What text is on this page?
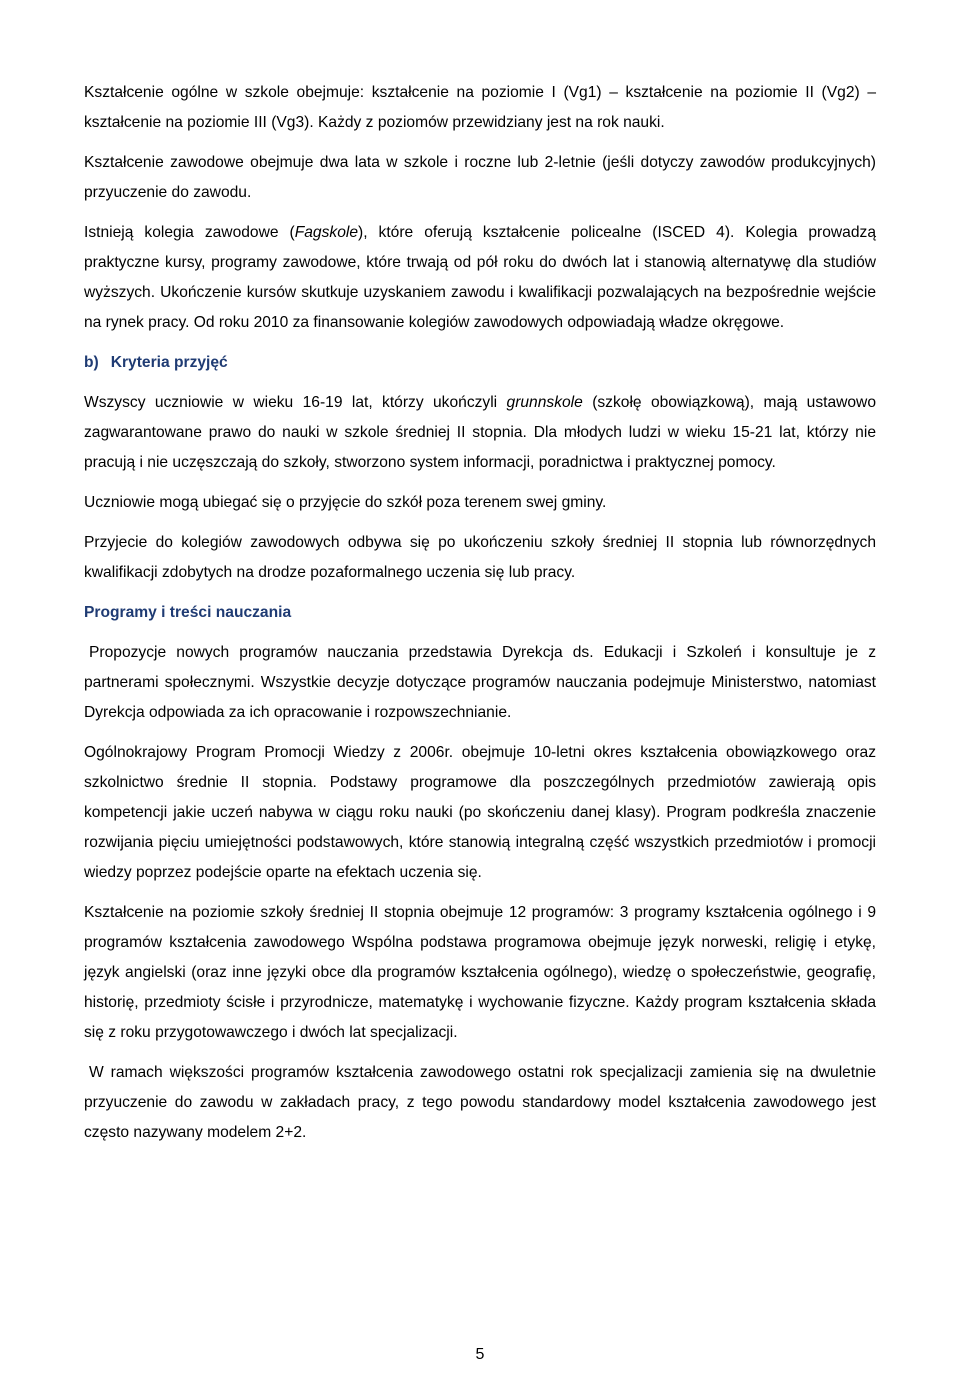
Kształcenie ogólne w szkole obejmuje: kształcenie na poziomie I (Vg1) – kształcenie na poziomie II (Vg2) – kształcenie na poziomie III (Vg3). Każdy z poziomów przewidziany jest na rok nauki.

Kształcenie zawodowe obejmuje dwa lata w szkole i roczne lub 2-letnie (jeśli dotyczy zawodów produkcyjnych) przyuczenie do zawodu.

Istnieją kolegia zawodowe (Fagskole), które oferują kształcenie policealne (ISCED 4). Kolegia prowadzą praktyczne kursy, programy zawodowe, które trwają od pół roku do dwóch lat i stanowią alternatywę dla studiów wyższych. Ukończenie kursów skutkuje uzyskaniem zawodu i kwalifikacji pozwalających na bezpośrednie wejście na rynek pracy. Od roku 2010 za finansowanie kolegiów zawodowych odpowiadają władze okręgowe.

b) Kryteria przyjęć

Wszyscy uczniowie w wieku 16-19 lat, którzy ukończyli grunnskole (szkołę obowiązkową), mają ustawowo zagwarantowane prawo do nauki w szkole średniej II stopnia. Dla młodych ludzi w wieku 15-21 lat, którzy nie pracują i nie uczęszczają do szkoły, stworzono system informacji, poradnictwa i praktycznej pomocy.

Uczniowie mogą ubiegać się o przyjęcie do szkół poza terenem swej gminy.

Przyjecie do kolegiów zawodowych odbywa się po ukończeniu szkoły średniej II stopnia lub równorzędnych kwalifikacji zdobytych na drodze pozaformalnego uczenia się lub pracy.

Programy i treści nauczania

Propozycje nowych programów nauczania przedstawia Dyrekcja ds. Edukacji i Szkoleń i konsultuje je z partnerami społecznymi. Wszystkie decyzje dotyczące programów nauczania podejmuje Ministerstwo, natomiast Dyrekcja odpowiada za ich opracowanie i rozpowszechnianie.

Ogólnokrajowy Program Promocji Wiedzy z 2006r. obejmuje 10-letni okres kształcenia obowiązkowego oraz szkolnictwo średnie II stopnia. Podstawy programowe dla poszczególnych przedmiotów zawierają opis kompetencji jakie uczeń nabywa w ciągu roku nauki (po skończeniu danej klasy). Program podkreśla znaczenie rozwijania pięciu umiejętności podstawowych, które stanowią integralną część wszystkich przedmiotów i promocji wiedzy poprzez podejście oparte na efektach uczenia się.

Kształcenie na poziomie szkoły średniej II stopnia obejmuje 12 programów: 3 programy kształcenia ogólnego i 9 programów kształcenia zawodowego Wspólna podstawa programowa obejmuje język norweski, religię i etykę, język angielski (oraz inne języki obce dla programów kształcenia ogólnego), wiedzę o społeczeństwie, geografię, historię, przedmioty ścisłe i przyrodnicze, matematykę i wychowanie fizyczne. Każdy program kształcenia składa się z roku przygotowawczego i dwóch lat specjalizacji.

W ramach większości programów kształcenia zawodowego ostatni rok specjalizacji zamienia się na dwuletnie przyuczenie do zawodu w zakładach pracy, z tego powodu standardowy model kształcenia zawodowego jest często nazywany modelem 2+2.

5
